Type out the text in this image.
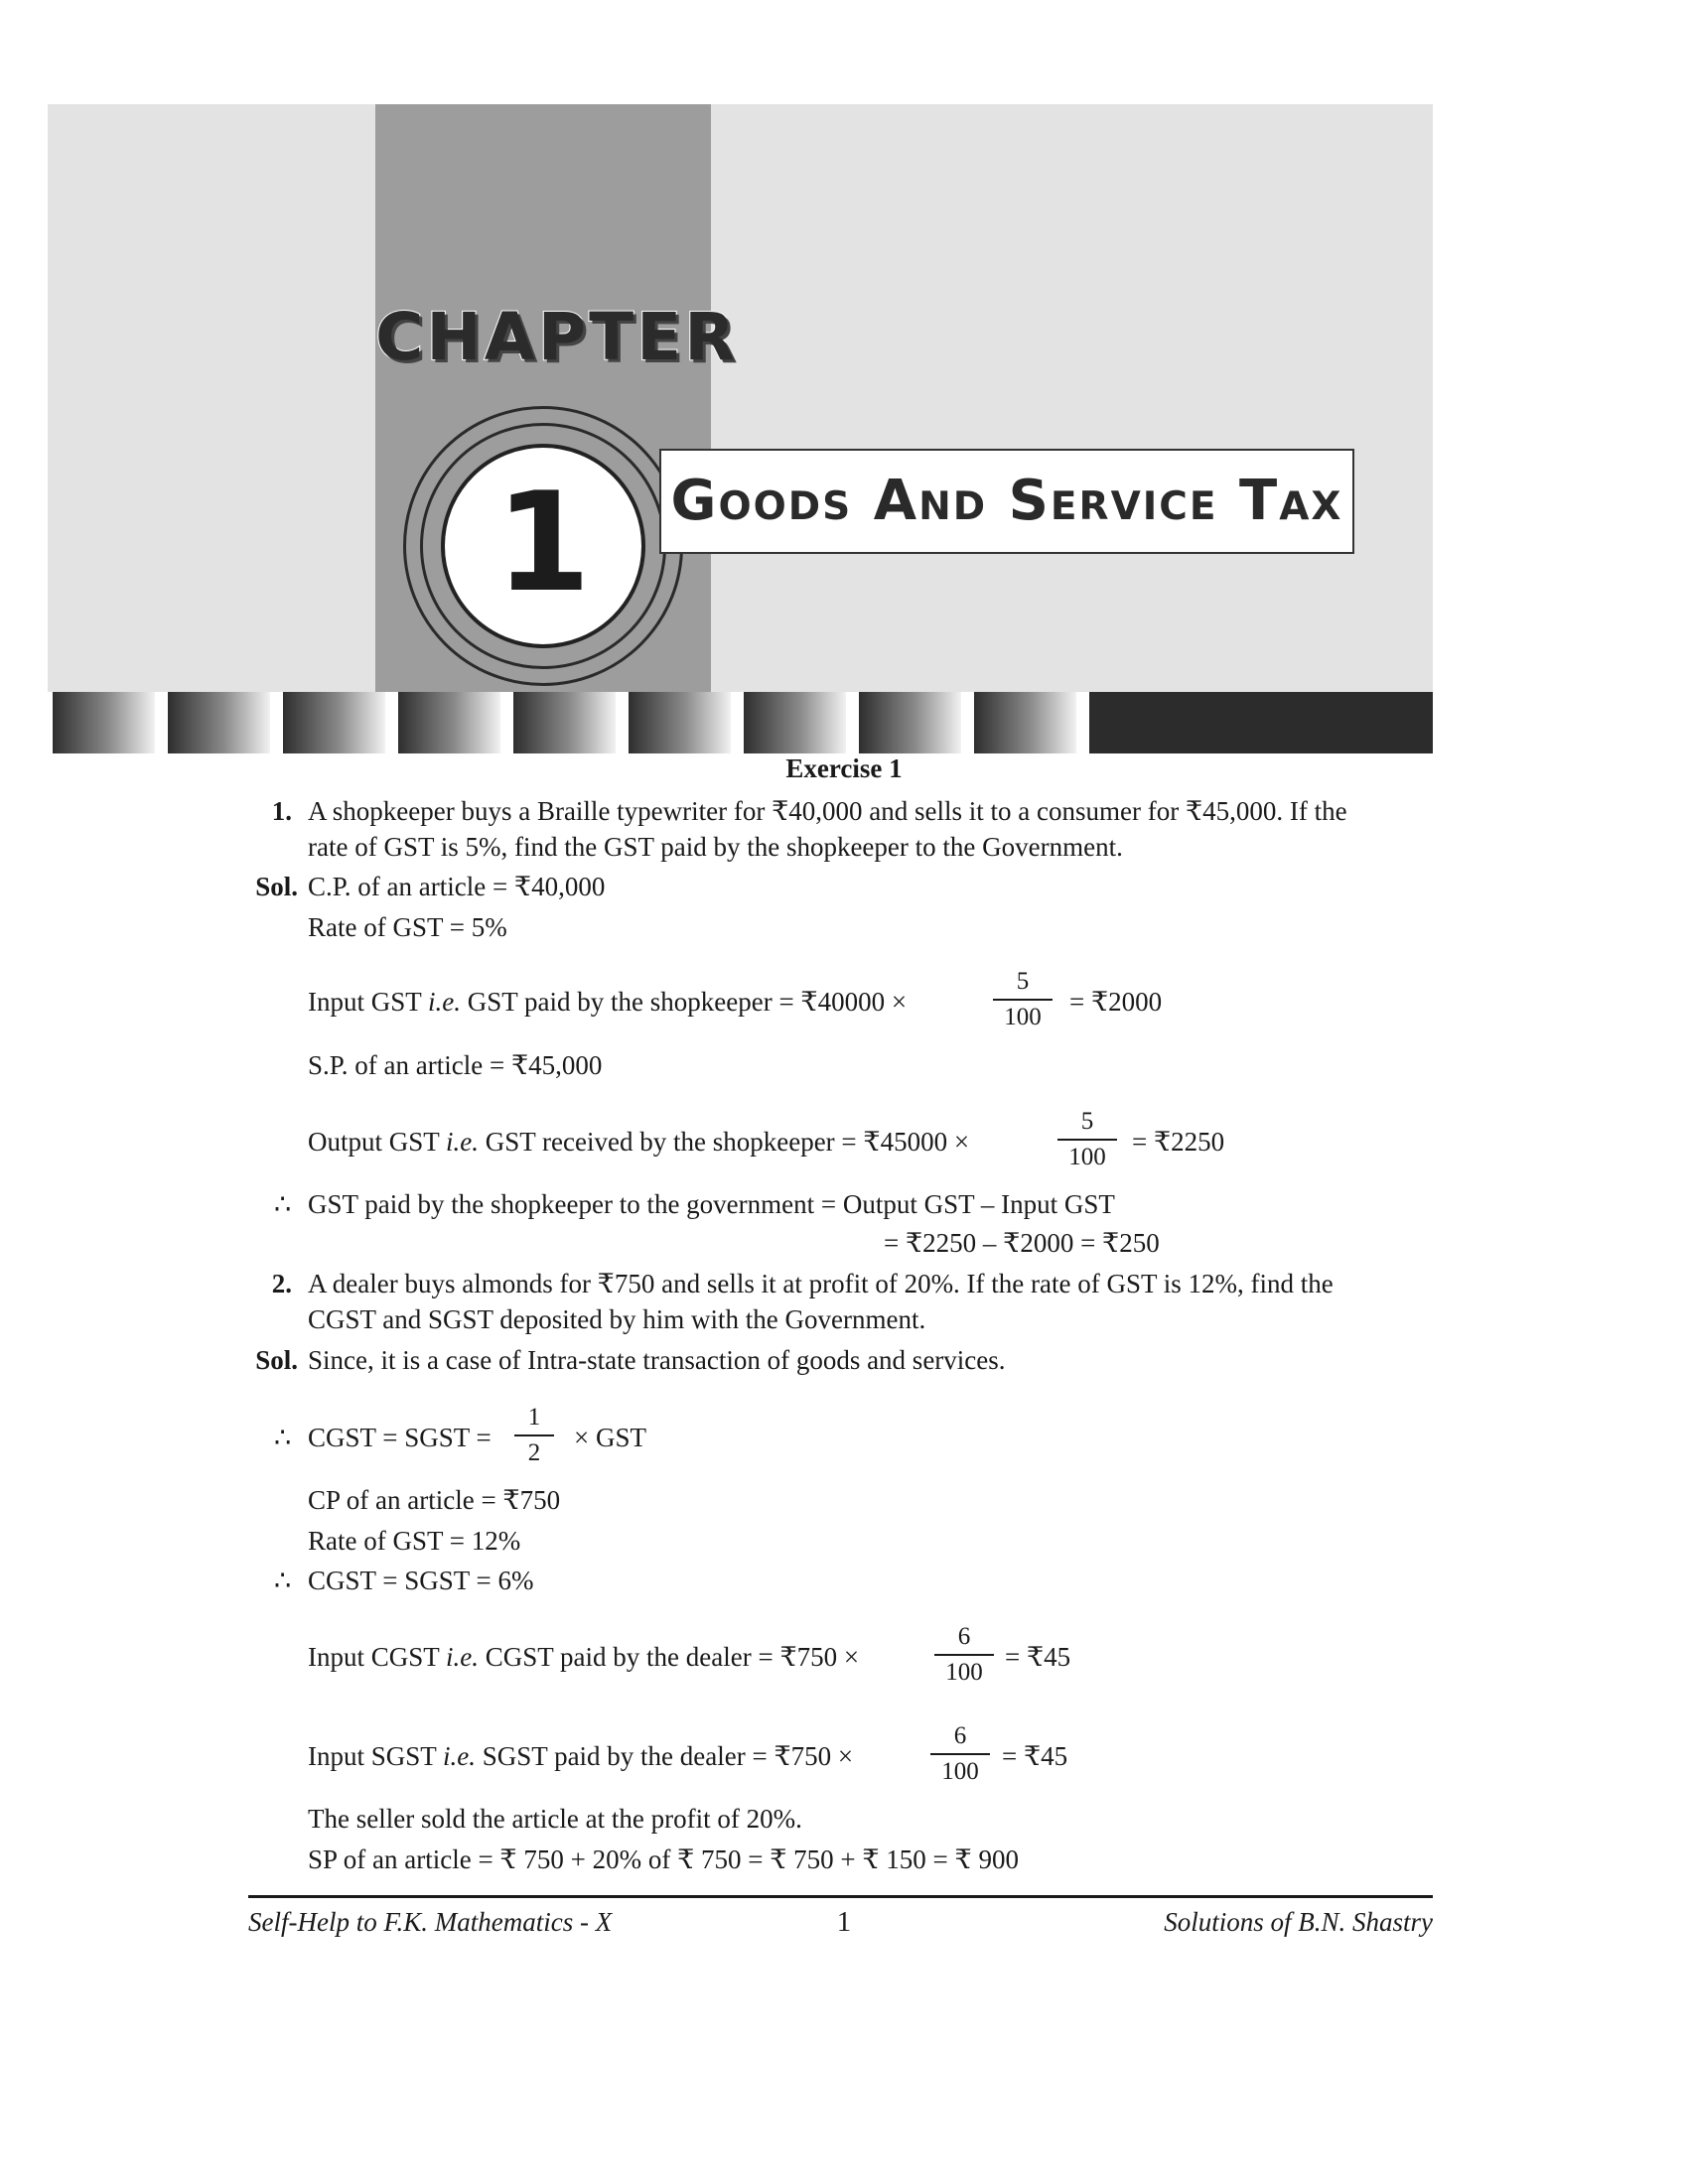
CHAPTER
1	Goods And Service Tax
Exercise 1
1. A shopkeeper buys a Braille typewriter for ₹40,000 and sells it to a consumer for ₹45,000. If the
rate of GST is 5%, find the GST paid by the shopkeeper to the Government.
Sol. C.P. of an article = ₹40,000
Rate of GST = 5%
Input GST i.e. GST paid by the shopkeeper = ₹40000 ×
5
100
= ₹2000
S.P. of an article = ₹45,000
Output GST i.e. GST received by the shopkeeper = ₹45000 ×
5
100
= ₹2250
∴ GST paid by the shopkeeper to the government = Output GST – Input GST
= ₹2250 – ₹2000 = ₹250
2. A dealer buys almonds for ₹750 and sells it at profit of 20%. If the rate of GST is 12%, find the
CGST and SGST deposited by him with the Government.
Sol. Since, it is a case of Intra-state transaction of goods and services.
∴ CGST = SGST =
1
2
× GST
CP of an article = ₹750
Rate of GST = 12%
∴ CGST = SGST = 6%
Input CGST i.e. CGST paid by the dealer = ₹750 ×
6
100
= ₹45
Input SGST i.e. SGST paid by the dealer = ₹750 ×
6
100
= ₹45
The seller sold the article at the profit of 20%.
SP of an article = ₹ 750 + 20% of ₹ 750 = ₹ 750 + ₹ 150 = ₹ 900
Self-Help to F.K. Mathematics - X	1	Solutions of B.N. Shastry
